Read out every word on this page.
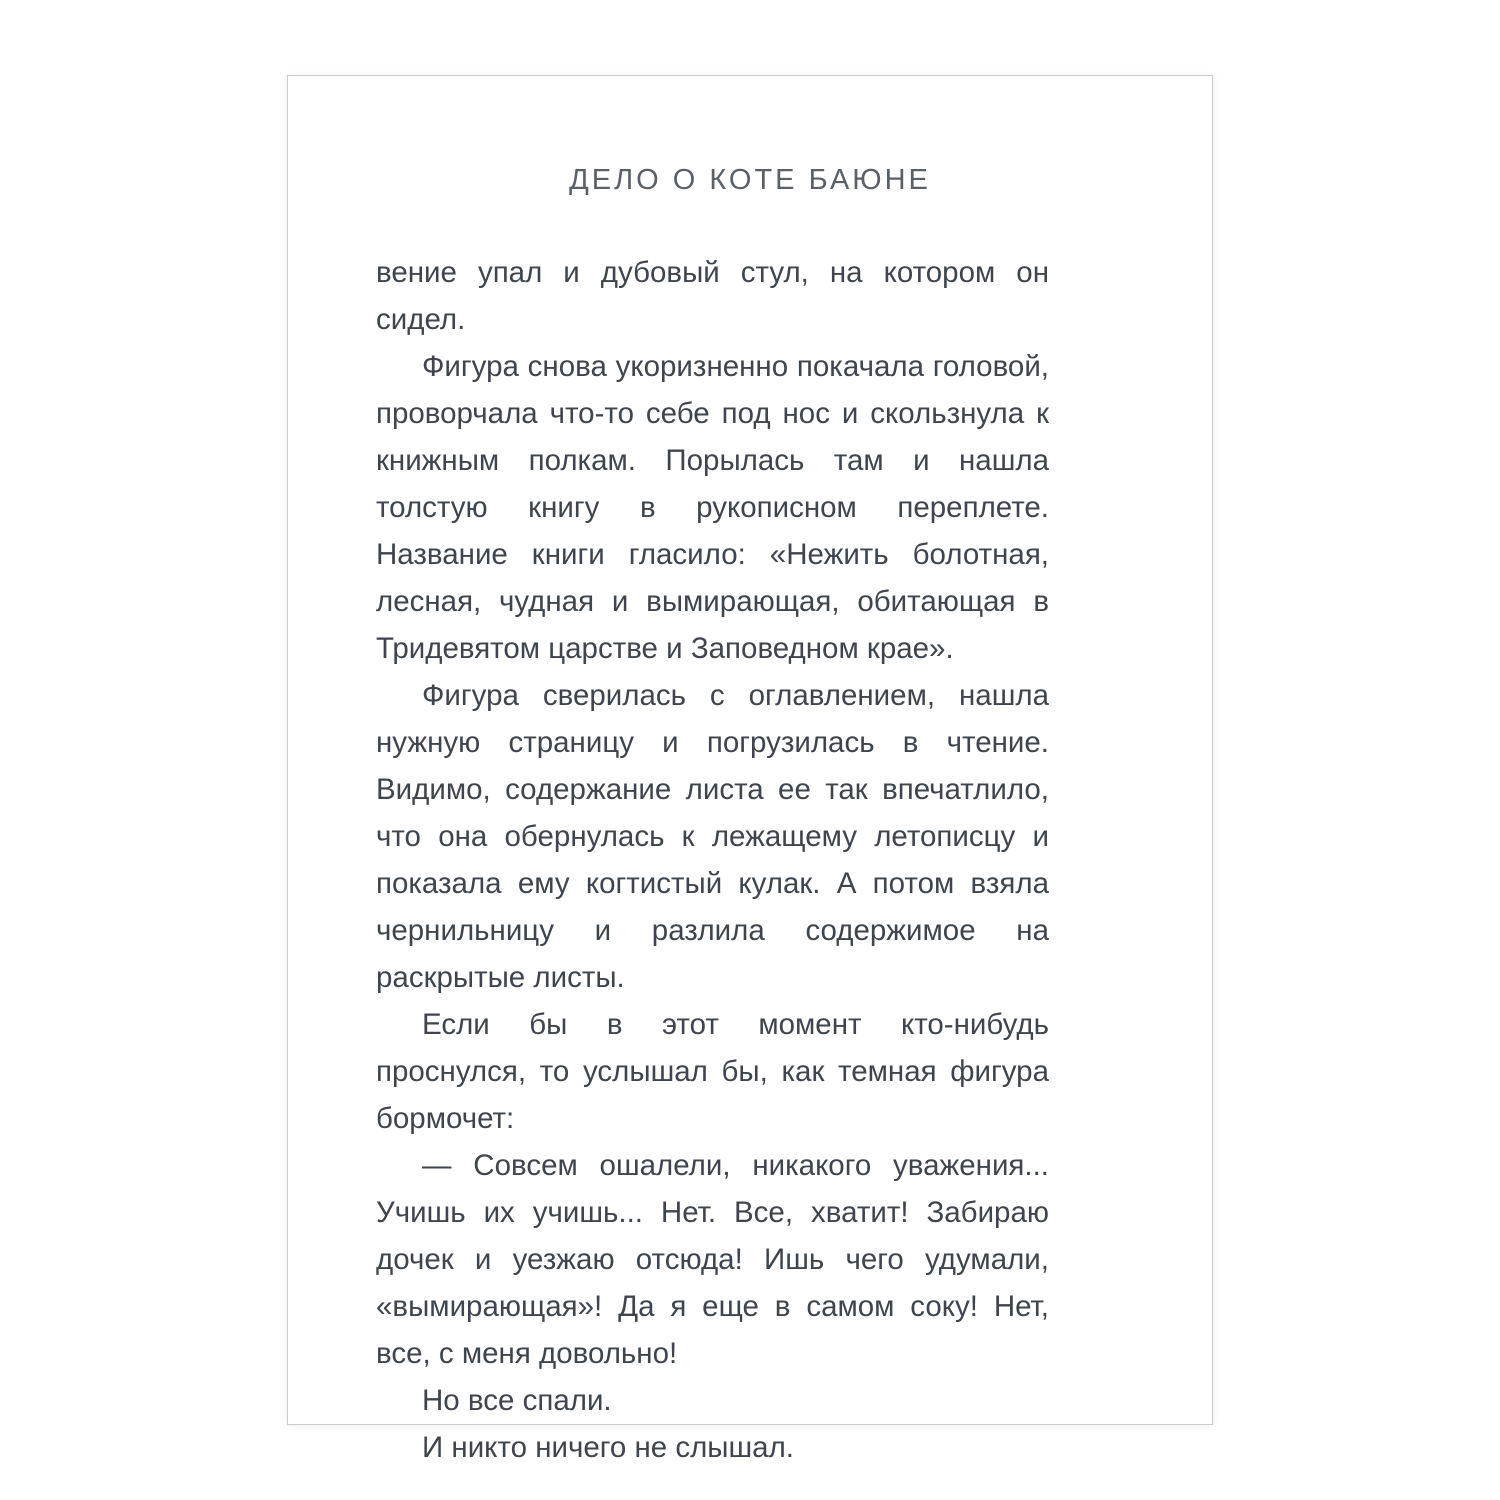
ДЕЛО О КОТЕ БАЮНЕ

вение упал и дубовый стул, на котором он сидел.

Фигура снова укоризненно покачала головой, проворчала что-то себе под нос и скользнула к книжным полкам. Порылась там и нашла толстую книгу в рукописном переплете. Название книги гласило: «Нежить болотная, лесная, чудная и вымирающая, обитающая в Тридевятом царстве и Заповедном крае».

Фигура сверилась с оглавлением, нашла нужную страницу и погрузилась в чтение. Видимо, содержание листа ее так впечатлило, что она обернулась к лежащему летописцу и показала ему когтистый кулак. А потом взяла чернильницу и разлила содержимое на раскрытые листы.

Если бы в этот момент кто-нибудь проснулся, то услышал бы, как темная фигура бормочет:

— Совсем ошалели, никакого уважения... Учишь их учишь... Нет. Все, хватит! Забираю дочек и уезжаю отсюда! Ишь чего удумали, «вымирающая»! Да я еще в самом соку! Нет, все, с меня довольно!

Но все спали.

И никто ничего не слышал.
